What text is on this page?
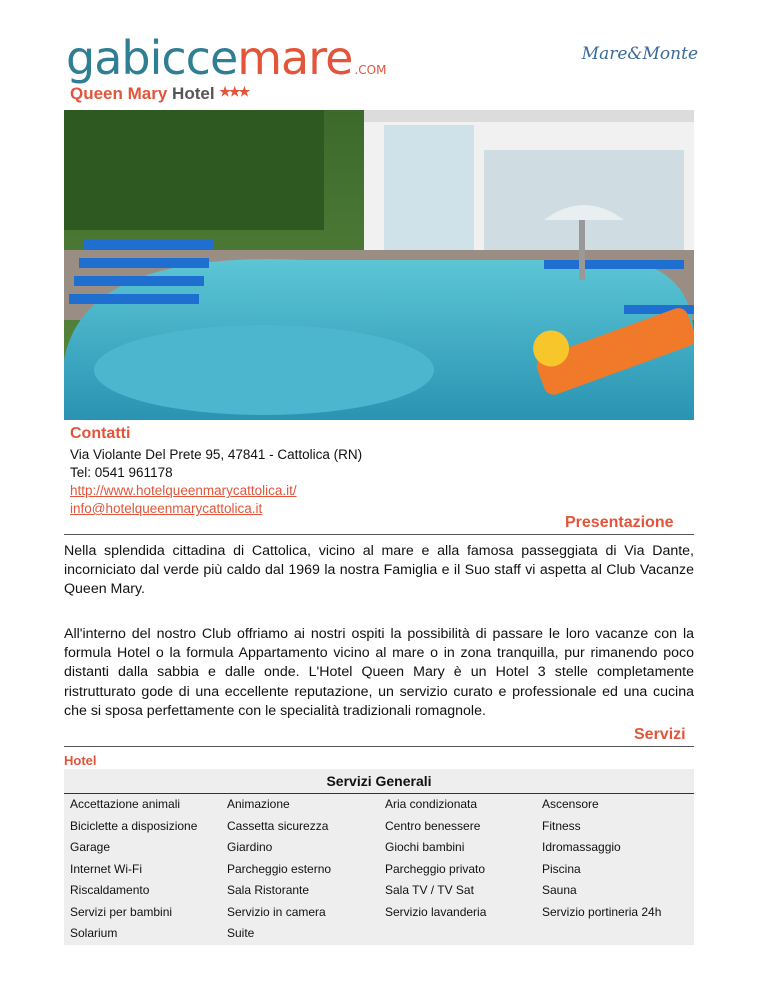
gabiccemare .COM
Mare&Monte
Queen Mary Hotel ★★★
Contatti
Via Violante Del Prete 95, 47841 - Cattolica (RN)
Tel: 0541 961178
http://www.hotelqueenmarycattolica.it/
info@hotelqueenmarycattolica.it
Presentazione

Nella splendida cittadina di Cattolica, vicino al mare e alla famosa passeggiata di Via Dante, incorniciato dal verde più caldo dal 1969 la nostra Famiglia e il Suo staff vi aspetta al Club Vacanze Queen Mary.

All'interno del nostro Club offriamo ai nostri ospiti la possibilità di passare le loro vacanze con la formula Hotel o la formula Appartamento vicino al mare o in zona tranquilla, pur rimanendo poco distanti dalla sabbia e dalle onde. L'Hotel Queen Mary è un Hotel 3 stelle completamente ristrutturato gode di una eccellente reputazione, un servizio curato e professionale ed una cucina che si sposa perfettamente con le specialità tradizionali romagnole.

Servizi
Hotel
Servizi Generali
Accettazione animali	Animazione	Aria condizionata	Ascensore
Biciclette a disposizione	Cassetta sicurezza	Centro benessere	Fitness
Garage	Giardino	Giochi bambini	Idromassaggio
Internet Wi-Fi	Parcheggio esterno	Parcheggio privato	Piscina
Riscaldamento	Sala Ristorante	Sala TV / TV Sat	Sauna
Servizi per bambini	Servizio in camera	Servizio lavanderia	Servizio portineria 24h
Solarium	Suite
